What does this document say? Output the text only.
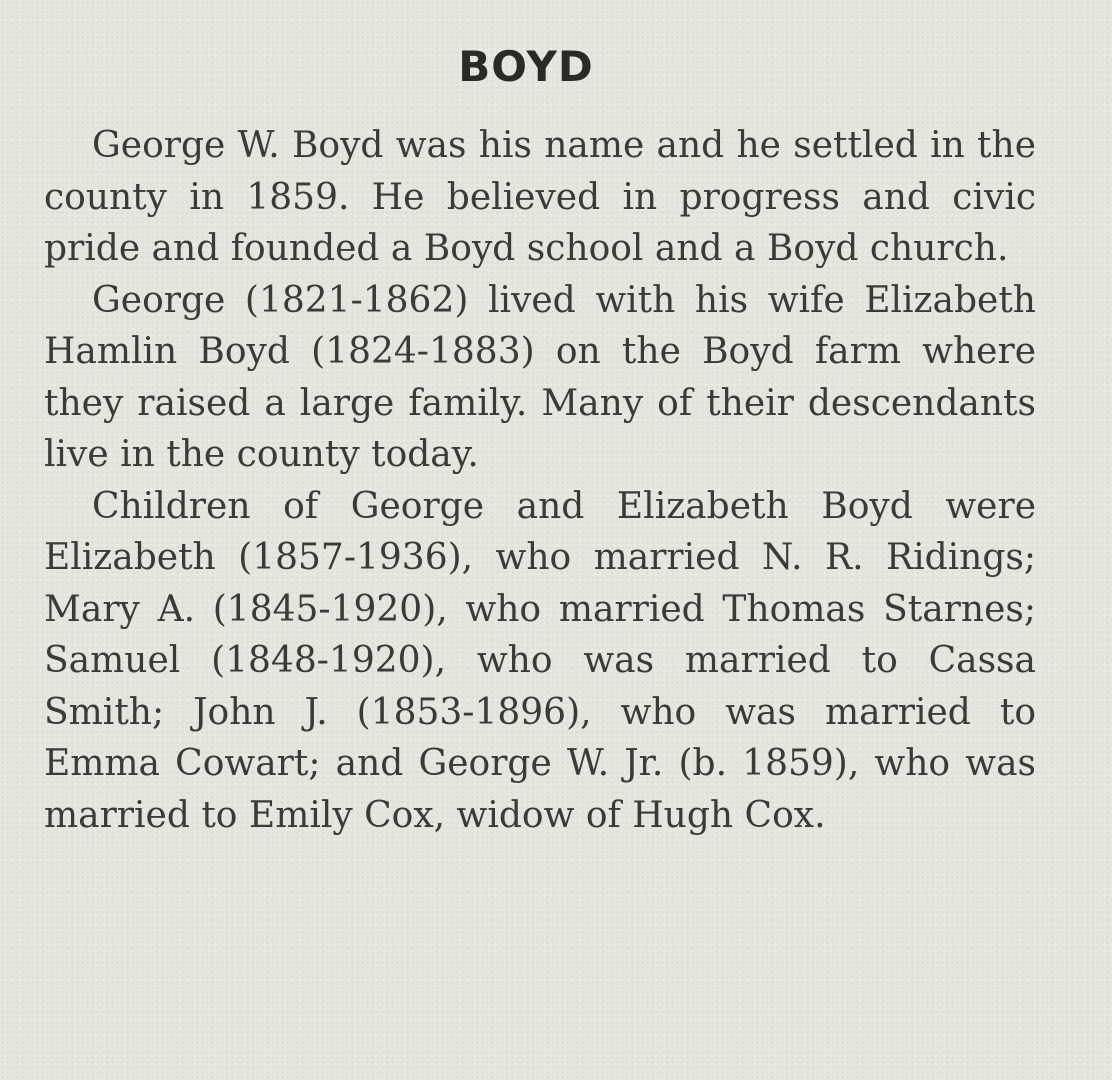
BOYD

George W. Boyd was his name and he settled in the county in 1859. He believed in progress and civic pride and founded a Boyd school and a Boyd church.

George (1821-1862) lived with his wife Elizabeth Hamlin Boyd (1824-1883) on the Boyd farm where they raised a large family. Many of their descendants live in the county today.

Children of George and Elizabeth Boyd were Elizabeth (1857-1936), who married N. R. Ridings; Mary A. (1845-1920), who married Thomas Starnes; Samuel (1848-1920), who was married to Cassa Smith; John J. (1853-1896), who was married to Emma Cowart; and George W. Jr. (b. 1859), who was married to Emily Cox, widow of Hugh Cox.
